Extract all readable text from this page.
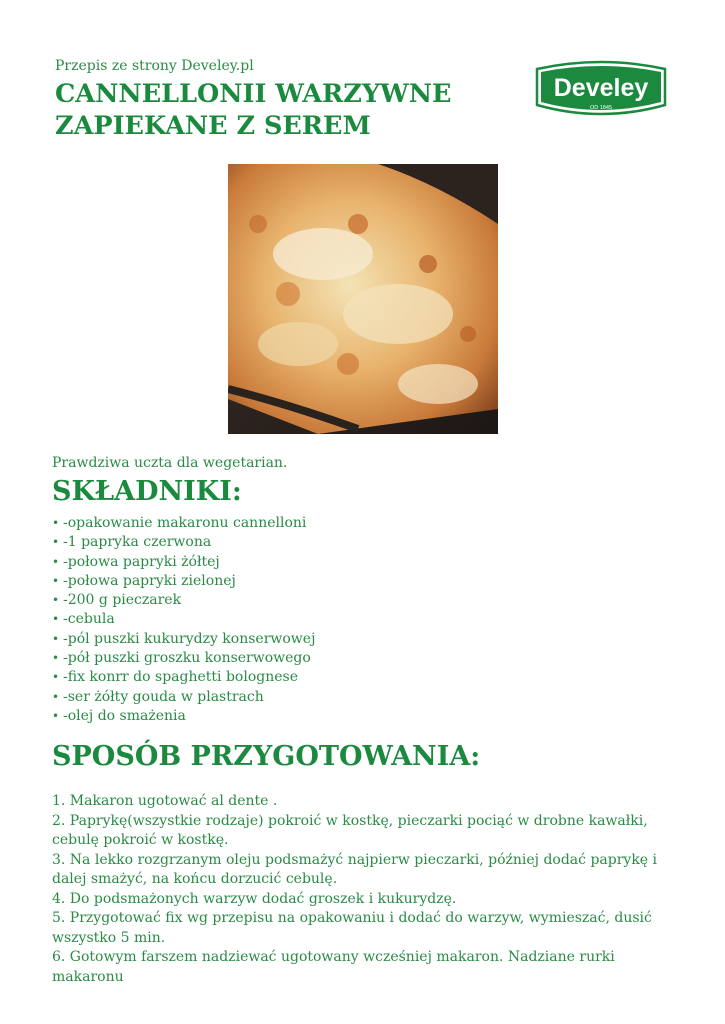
Przepis ze strony Develey.pl
CANNELLONII WARZYWNE
ZAPIEKANE Z SEREM
Develey
OD 1845
Prawdziwa uczta dla wegetarian.
SKŁADNIKI:
• -opakowanie makaronu cannelloni
• -1 papryka czerwona
• -połowa papryki żółtej
• -połowa papryki zielonej
• -200 g pieczarek
• -cebula
• -pól puszki kukurydzy konserwowej
• -pół puszki groszku konserwowego
• -fix konrr do spaghetti bolognese
• -ser żółty gouda w plastrach
• -olej do smażenia
SPOSÓB PRZYGOTOWANIA:

1. Makaron ugotować al dente .

2. Paprykę(wszystkie rodzaje) pokroić w kostkę, pieczarki pociąć w drobne kawałki, cebulę pokroić w kostkę.

3. Na lekko rozgrzanym oleju podsmażyć najpierw pieczarki, później dodać paprykę i dalej smażyć, na końcu dorzucić cebulę.

4. Do podsmażonych warzyw dodać groszek i kukurydzę.

5. Przygotować fix wg przepisu na opakowaniu i dodać do warzyw, wymieszać, dusić wszystko 5 min.

6. Gotowym farszem nadziewać ugotowany wcześniej makaron. Nadziane rurki makaronu
